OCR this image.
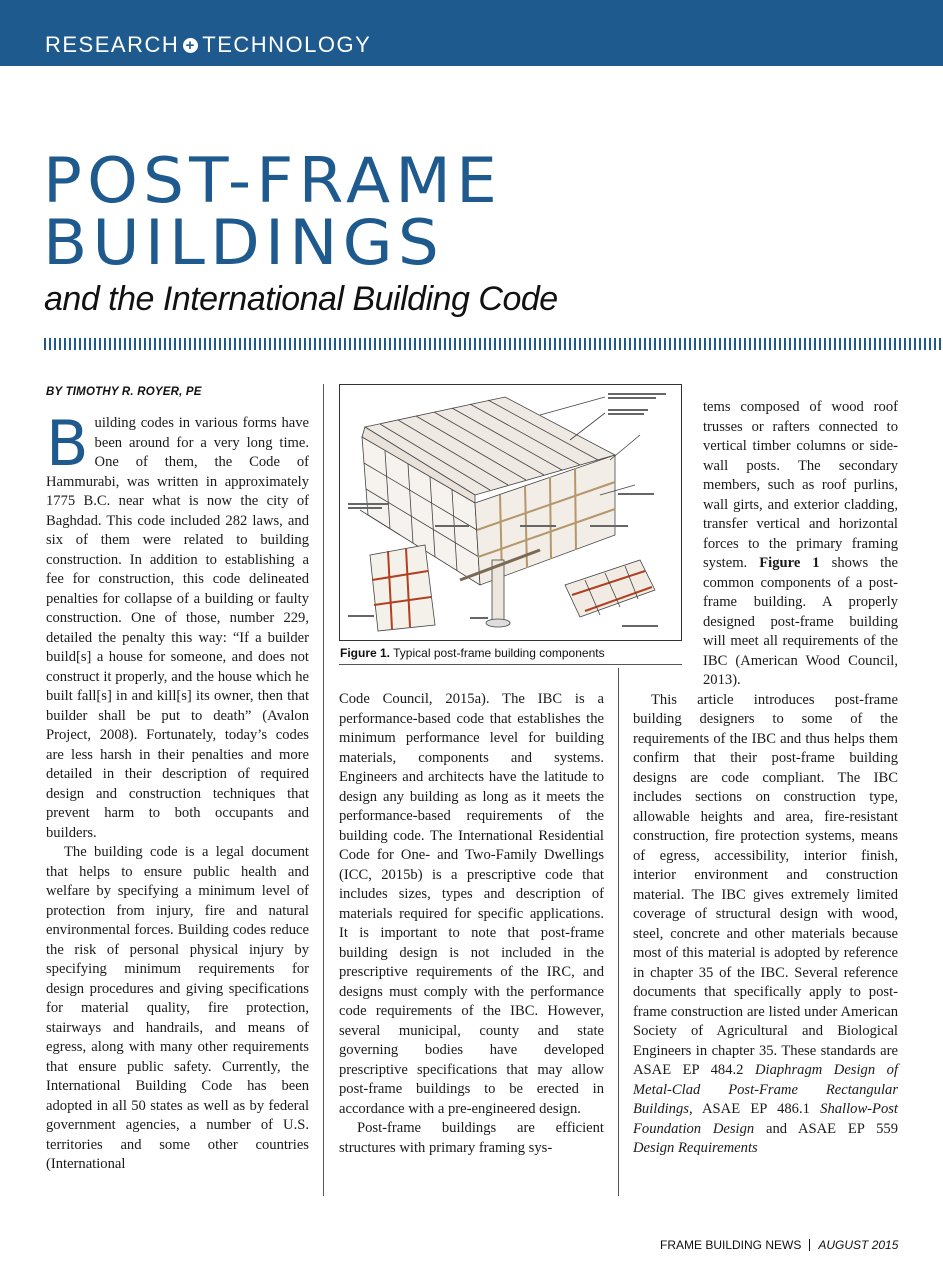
RESEARCH + TECHNOLOGY
POST-FRAME
BUILDINGS
and the International Building Code
BY TIMOTHY R. ROYER, PE

Building codes in various forms have been around for a very long time. One of them, the Code of Hammurabi, was written in approximately 1775 B.C. near what is now the city of Baghdad. This code included 282 laws, and six of them were related to building construction. In addition to establishing a fee for construction, this code delineated penalties for collapse of a building or faulty construction. One of those, number 229, detailed the penalty this way: “If a builder build[s] a house for someone, and does not construct it properly, and the house which he built fall[s] in and kill[s] its owner, then that builder shall be put to death” (Avalon Project, 2008). Fortunately, today’s codes are less harsh in their penalties and more detailed in their description of required design and construction techniques that prevent harm to both occupants and builders.

The building code is a legal document that helps to ensure public health and welfare by specifying a minimum level of protection from injury, fire and natural environmental forces. Building codes reduce the risk of personal physical injury by specifying minimum requirements for design procedures and giving specifications for material quality, fire protection, stairways and handrails, and means of egress, along with many other requirements that ensure public safety. Currently, the International Building Code has been adopted in all 50 states as well as by federal government agencies, a number of U.S. territories and some other countries (International

Figure 1. Typical post-frame building components

Code Council, 2015a). The IBC is a performance-based code that establishes the minimum performance level for building materials, components and systems. Engineers and architects have the latitude to design any building as long as it meets the performance-based requirements of the building code. The International Residential Code for One- and Two-Family Dwellings (ICC, 2015b) is a prescriptive code that includes sizes, types and description of materials required for specific applications. It is important to note that post-frame building design is not included in the prescriptive requirements of the IRC, and designs must comply with the performance code requirements of the IBC. However, several municipal, county and state governing bodies have developed prescriptive specifications that may allow post-frame buildings to be erected in accordance with a pre-engineered design.

Post-frame buildings are efficient structures with primary framing sys-

tems composed of wood roof trusses or rafters connected to vertical timber columns or side-wall posts. The secondary members, such as roof purlins, wall girts, and exterior cladding, transfer vertical and horizontal forces to the primary framing system. Figure 1 shows the common components of a post-frame building. A properly designed post-frame building will meet all requirements of the IBC (American Wood Council, 2013).

This article introduces post-frame building designers to some of the requirements of the IBC and thus helps them confirm that their post-frame building designs are code compliant. The IBC includes sections on construction type, allowable heights and area, fire-resistant construction, fire protection systems, means of egress, accessibility, interior finish, interior environment and construction material. The IBC gives extremely limited coverage of structural design with wood, steel, concrete and other materials because most of this material is adopted by reference in chapter 35 of the IBC. Several reference documents that specifically apply to post-frame construction are listed under American Society of Agricultural and Biological Engineers in chapter 35. These standards are ASAE EP 484.2 Diaphragm Design of Metal-Clad Post-Frame Rectangular Buildings, ASAE EP 486.1 Shallow-Post Foundation Design and ASAE EP 559 Design Requirements

FRAME BUILDING NEWS AUGUST 2015
